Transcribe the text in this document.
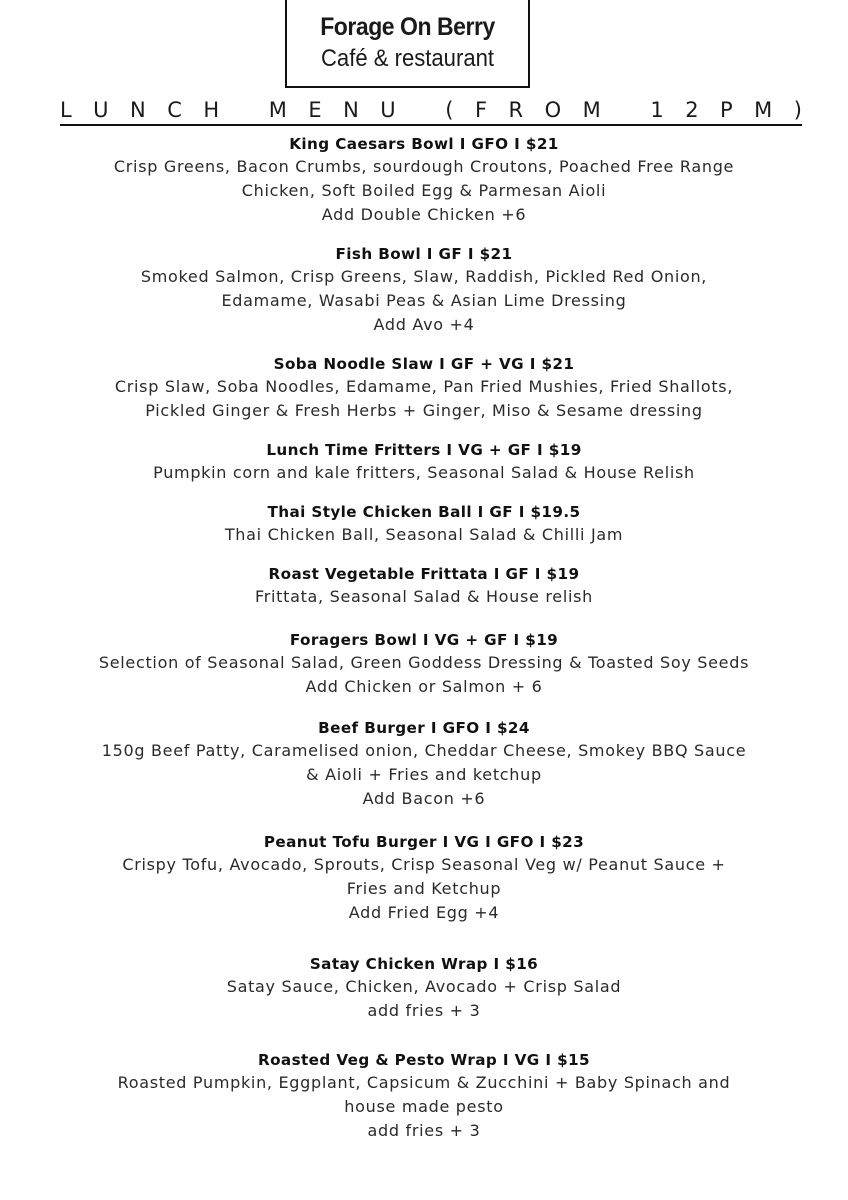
Forage On Berry
Café & restaurant
L U N C H
M E N U
( F R O M
1 2 P M )
King Caesars Bowl I GFO I $21
Crisp Greens, Bacon Crumbs, sourdough Croutons, Poached Free Range
Chicken, Soft Boiled Egg & Parmesan Aioli
Add Double Chicken +6
Fish Bowl I GF I $21
Smoked Salmon, Crisp Greens, Slaw, Raddish, Pickled Red Onion,
Edamame, Wasabi Peas & Asian Lime Dressing
Add Avo +4
Soba Noodle Slaw I GF + VG I $21
Crisp Slaw, Soba Noodles, Edamame, Pan Fried Mushies, Fried Shallots,
Pickled Ginger & Fresh Herbs + Ginger, Miso & Sesame dressing
Lunch Time Fritters I VG + GF I $19
Pumpkin corn and kale fritters, Seasonal Salad & House Relish
Thai Style Chicken Ball I GF I $19.5
Thai Chicken Ball, Seasonal Salad & Chilli Jam
Roast Vegetable Frittata I GF I $19
Frittata, Seasonal Salad & House relish
Foragers Bowl I VG + GF I $19
Selection of Seasonal Salad, Green Goddess Dressing & Toasted Soy Seeds
Add Chicken or Salmon + 6
Beef Burger I GFO I $24
150g Beef Patty, Caramelised onion, Cheddar Cheese, Smokey BBQ Sauce
& Aioli + Fries and ketchup
Add Bacon +6
Peanut Tofu Burger I VG I GFO I $23
Crispy Tofu, Avocado, Sprouts, Crisp Seasonal Veg w/ Peanut Sauce +
Fries and Ketchup
Add Fried Egg +4
Satay Chicken Wrap I $16
Satay Sauce, Chicken, Avocado + Crisp Salad
add fries + 3
Roasted Veg & Pesto Wrap I VG I $15
Roasted Pumpkin, Eggplant, Capsicum & Zucchini + Baby Spinach and
house made pesto
add fries + 3
